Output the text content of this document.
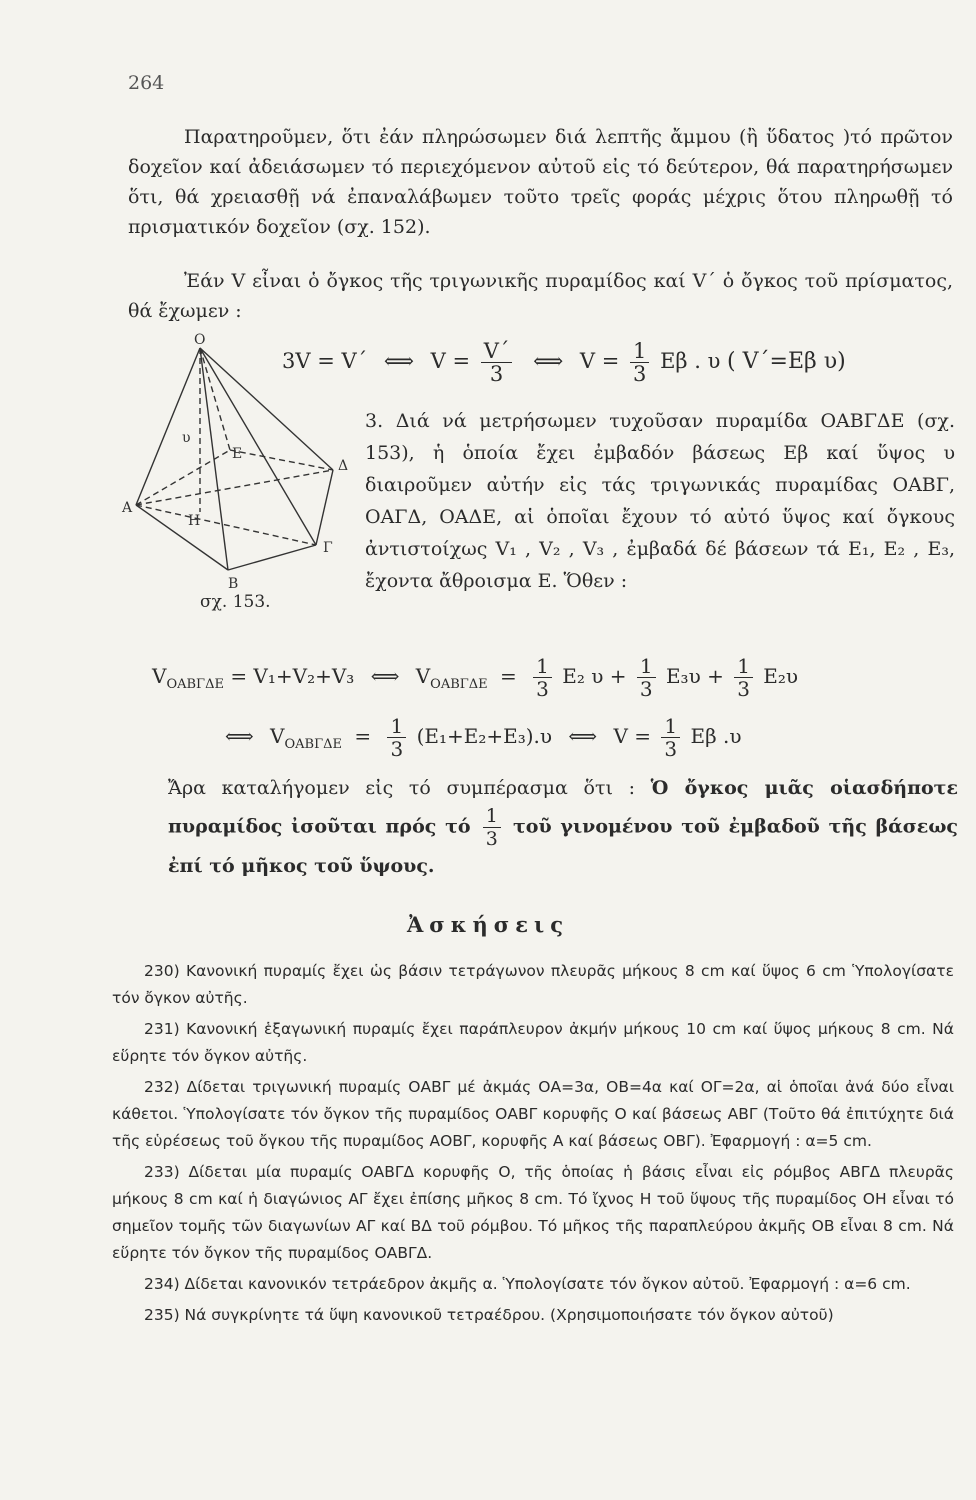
264
Παρατηροῦμεν, ὅτι ἐάν πληρώσωμεν διά λεπτῆς ἄμμου (ἢ ὕδατος )τό πρῶτον δοχεῖον καί ἀδειάσωμεν τό περιεχόμενον αὐτοῦ εἰς τό δεύτερον, θά παρατηρήσωμεν ὅτι, θά χρειασθῇ νά ἐπαναλάβωμεν τοῦτο τρεῖς φοράς μέχρις ὅτου πληρωθῇ τό πρισματικόν δοχεῖον (σχ. 152).
Ἐάν V εἶναι ὁ ὄγκος τῆς τριγωνικῆς πυραμίδος καί V΄ ὁ ὄγκος τοῦ πρίσματος, θά ἔχωμεν :
3V = V΄ ⟺ $V = \frac{V΄}{3}$ ⟺ $V = \frac{1}{3}$ Eβ . υ ( V΄=Eβ υ)
Ο
Α
Β
Γ
Δ
Ε
Η
υ
3. Διά νά μετρήσωμεν τυχοῦσαν πυραμίδα ΟΑΒΓΔΕ (σχ. 153), ἡ ὁποία ἔχει ἐμβαδόν βάσεως Eβ καί ὕψος υ διαιροῦμεν αὐτήν εἰς τάς τριγωνικάς πυραμίδας ΟΑΒΓ, ΟΑΓΔ, ΟΑΔΕ, αἱ ὁποῖαι ἔχουν τό αὐτό ὕψος καί ὄγκους ἀντιστοίχως V₁ , V₂ , V₃ , ἐμβαδά δέ βάσεων τά E₁, E₂ , E₃, ἔχοντα ἄθροισμα E. Ὅθεν :
σχ. 153.
$V_{OAB\Gamma\Delta E} = V_1+V_2+V_3$ ⟺ $V_{OAB\Gamma\Delta E} = \frac{1}{3} E_2$ $\upsilon + \frac{1}{3} E_3\upsilon + \frac{1}{3} E_2\upsilon$
⟺ $V_{OAB\Gamma\Delta E} = \frac{1}{3} (E_1+E_2+E_3).\upsilon$ ⟺ $V = \frac{1}{3}$ Eβ .υ
Ἄρα καταλήγομεν εἰς τό συμπέρασμα ὅτι : Ὁ ὄγκος μιᾶς οἱασδήποτε πυραμίδος ἰσοῦται πρός τό $\frac{1}{3}$ τοῦ γινομένου τοῦ ἐμβαδοῦ τῆς βάσεως ἐπί τό μῆκος τοῦ ὕψους.
Ἀσκήσεις

230) Κανονική πυραμίς ἔχει ὡς βάσιν τετράγωνον πλευρᾶς μήκους 8 cm καί ὕψος 6 cm Ὑπολογίσατε τόν ὄγκον αὐτῆς.

231) Κανονική ἑξαγωνική πυραμίς ἔχει παράπλευρον ἀκμήν μήκους 10 cm καί ὕψος μήκους 8 cm. Νά εὕρητε τόν ὄγκον αὐτῆς.

232) Δίδεται τριγωνική πυραμίς ΟΑΒΓ μέ ἀκμάς ΟΑ=3α, ΟΒ=4α καί ΟΓ=2α, αἱ ὁποῖαι ἀνά δύο εἶναι κάθετοι. Ὑπολογίσατε τόν ὄγκον τῆς πυραμίδος ΟΑΒΓ κορυφῆς Ο καί βάσεως ΑΒΓ (Τοῦτο θά ἐπιτύχητε διά τῆς εὑρέσεως τοῦ ὄγκου τῆς πυραμίδος ΑΟΒΓ, κορυφῆς Α καί βάσεως ΟΒΓ). Ἐφαρμογή : α=5 cm.

233) Δίδεται μία πυραμίς ΟΑΒΓΔ κορυφῆς Ο, τῆς ὁποίας ἡ βάσις εἶναι εἰς ρόμβος ΑΒΓΔ πλευρᾶς μήκους 8 cm καί ἡ διαγώνιος ΑΓ ἔχει ἐπίσης μῆκος 8 cm. Τό ἴχνος Η τοῦ ὕψους τῆς πυραμίδος ΟΗ εἶναι τό σημεῖον τομῆς τῶν διαγωνίων ΑΓ καί ΒΔ τοῦ ρόμβου. Τό μῆκος τῆς παραπλεύρου ἀκμῆς ΟΒ εἶναι 8 cm. Νά εὕρητε τόν ὄγκον τῆς πυραμίδος ΟΑΒΓΔ.

234) Δίδεται κανονικόν τετράεδρον ἀκμῆς α. Ὑπολογίσατε τόν ὄγκον αὐτοῦ. Ἐφαρμογή : α=6 cm.

235) Νά συγκρίνητε τά ὕψη κανονικοῦ τετραέδρου. (Χρησιμοποιήσατε τόν ὄγκον αὐτοῦ)
